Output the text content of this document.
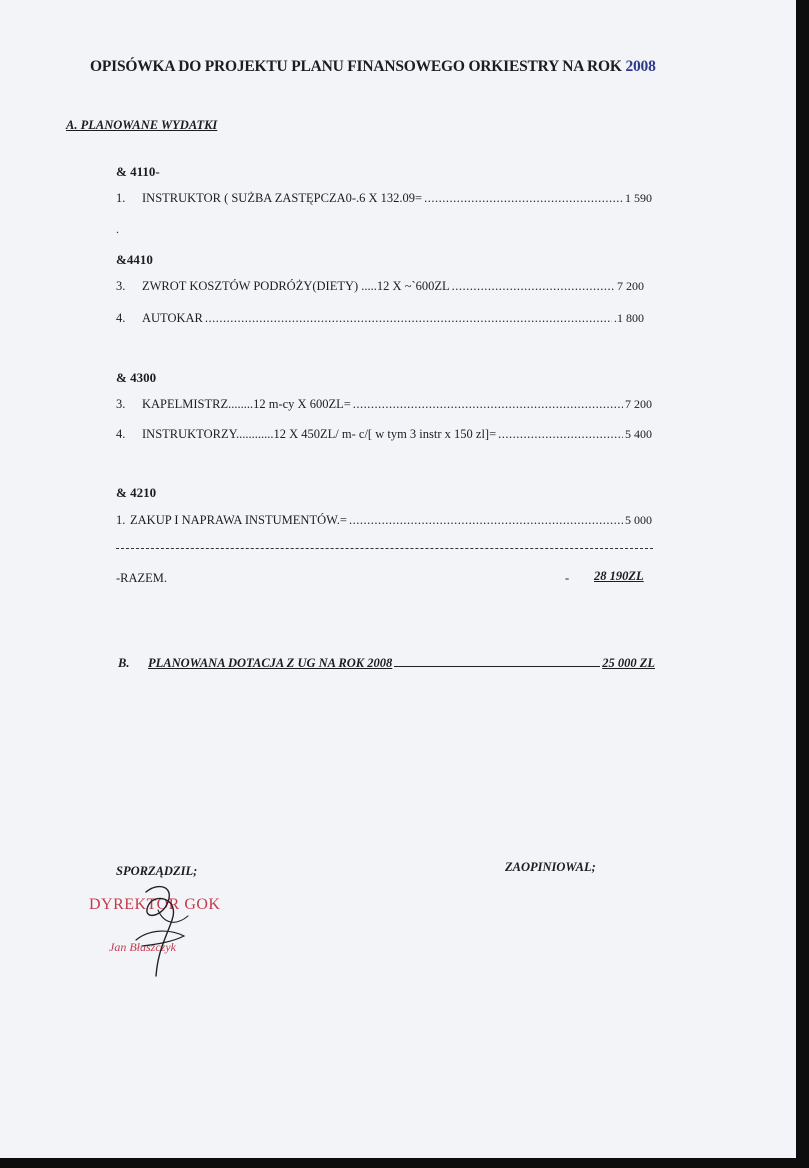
OPISÓWKA DO PROJEKTU PLANU FINANSOWEGO ORKIESTRY NA ROK 2008
A. PLANOWANE WYDATKI
& 4110-
1.	INSTRUKTOR ( SUŻBA ZASTĘPCZA0-.6 X 132.09= .....	1 590
.
&4410
3.	ZWROT KOSZTÓW PODRÓŻY(DIETY) .....12 X ~`600ZL .....	7 200
4.	AUTOKAR .....	.1 800
& 4300
3.	KAPELMISTRZ........12 m-cy X 600ZL= .....	7 200
4.	INSTRUKTORZY............12 X 450ZL/ m- c/[ w tym 3 instr x 150 zl]= .....	5 400
& 4210
1. ZAKUP I NAPRAWA INSTUMENTÓW.= .....	5 000
-RAZEM.	- 28 190ZL
B.	PLANOWANA DOTACJA Z UG NA ROK 2008	25 000 ZL
SPORZĄDZIL;	ZAOPINIOWAL;
DYREKTOR GOK
Jan Błaszczyk
